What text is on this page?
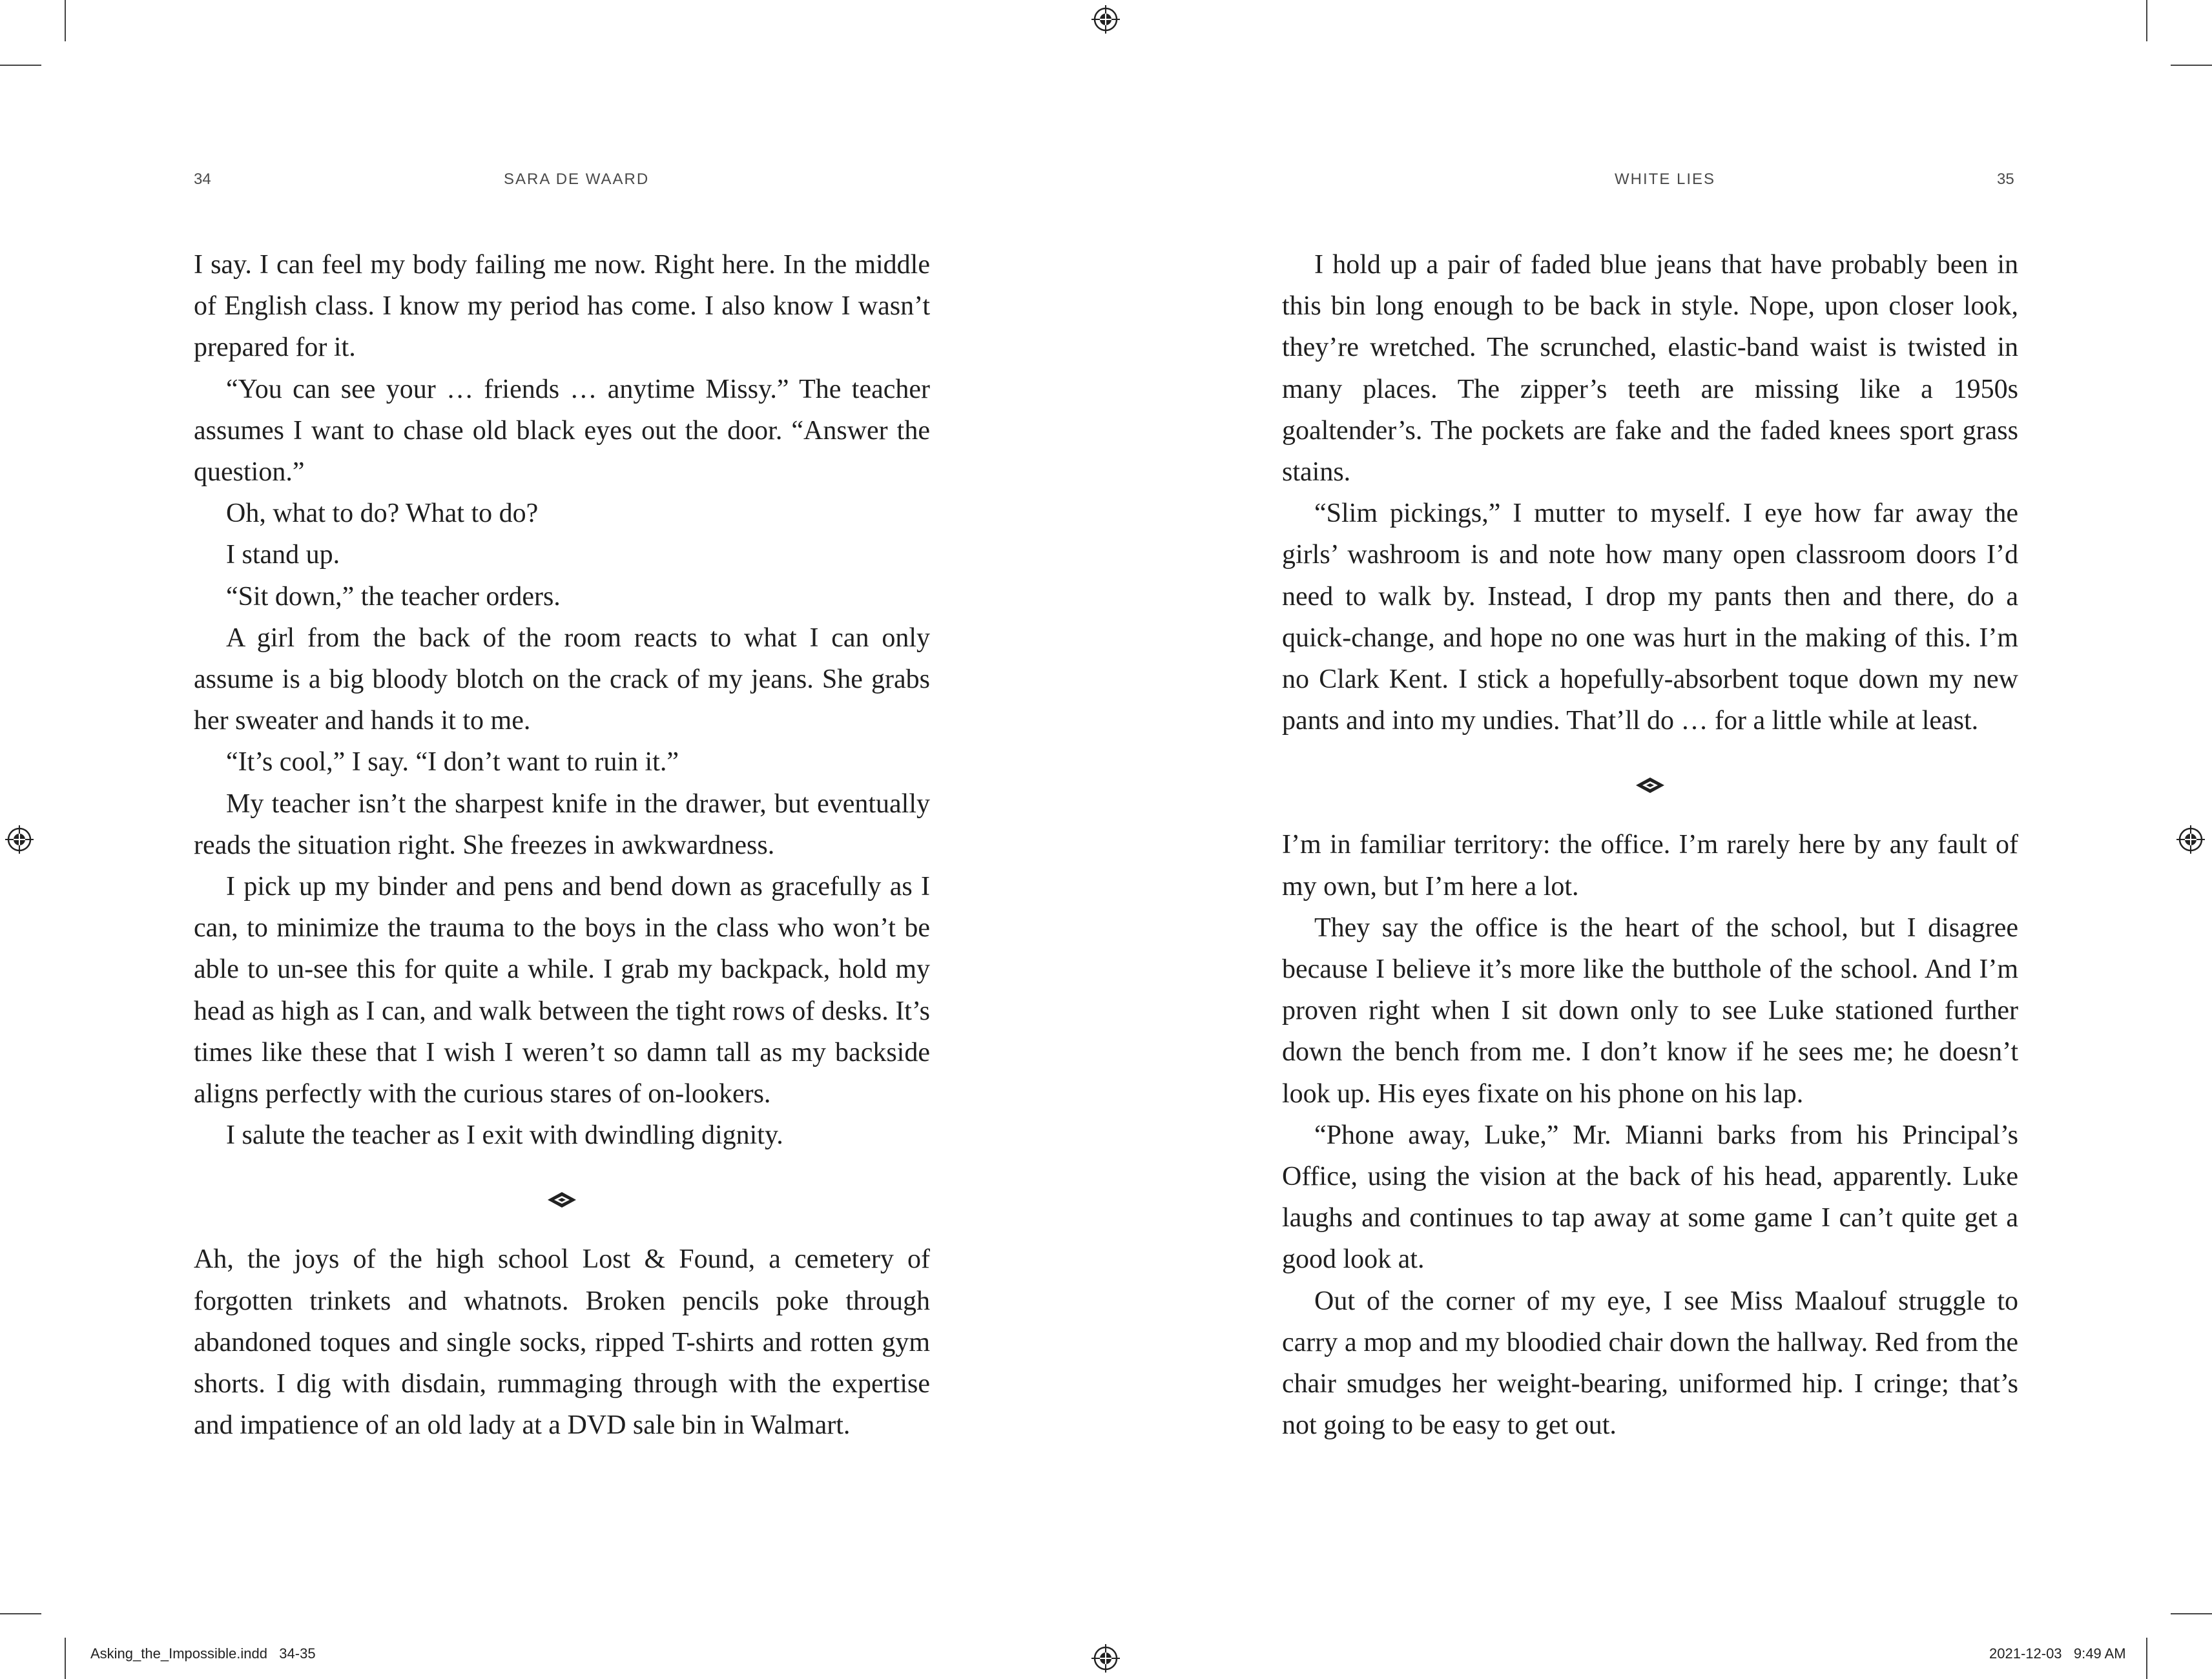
34	SARA DE WAARD	WHITE LIES	35

I say. I can feel my body failing me now. Right here. In the middle of English class. I know my period has come. I also know I wasn’t prepared for it.

“You can see your … friends … anytime Missy.” The teacher assumes I want to chase old black eyes out the door. “Answer the question.”

Oh, what to do? What to do?

I stand up.

“Sit down,” the teacher orders.

A girl from the back of the room reacts to what I can only assume is a big bloody blotch on the crack of my jeans. She grabs her sweater and hands it to me.

“It’s cool,” I say. “I don’t want to ruin it.”

My teacher isn’t the sharpest knife in the drawer, but eventually reads the situation right. She freezes in awkwardness.

I pick up my binder and pens and bend down as gracefully as I can, to minimize the trauma to the boys in the class who won’t be able to un-see this for quite a while. I grab my backpack, hold my head as high as I can, and walk between the tight rows of desks. It’s times like these that I wish I weren’t so damn tall as my backside aligns perfectly with the curious stares of on-lookers.

I salute the teacher as I exit with dwindling dignity.

Ah, the joys of the high school Lost & Found, a cemetery of forgotten trinkets and whatnots. Broken pencils poke through abandoned toques and single socks, ripped T-shirts and rotten gym shorts. I dig with disdain, rummaging through with the expertise and impatience of an old lady at a DVD sale bin in Walmart.

I hold up a pair of faded blue jeans that have probably been in this bin long enough to be back in style. Nope, upon closer look, they’re wretched. The scrunched, elastic-band waist is twisted in many places. The zipper’s teeth are missing like a 1950s goaltender’s. The pockets are fake and the faded knees sport grass stains.

“Slim pickings,” I mutter to myself. I eye how far away the girls’ washroom is and note how many open classroom doors I’d need to walk by. Instead, I drop my pants then and there, do a quick-change, and hope no one was hurt in the making of this. I’m no Clark Kent. I stick a hopefully-absorbent toque down my new pants and into my undies. That’ll do … for a little while at least.

I’m in familiar territory: the office. I’m rarely here by any fault of my own, but I’m here a lot.

They say the office is the heart of the school, but I disagree because I believe it’s more like the butthole of the school. And I’m proven right when I sit down only to see Luke stationed further down the bench from me. I don’t know if he sees me; he doesn’t look up. His eyes fixate on his phone on his lap.

“Phone away, Luke,” Mr. Mianni barks from his Principal’s Office, using the vision at the back of his head, apparently. Luke laughs and continues to tap away at some game I can’t quite get a good look at.

Out of the corner of my eye, I see Miss Maalouf struggle to carry a mop and my bloodied chair down the hallway. Red from the chair smudges her weight-bearing, uniformed hip. I cringe; that’s not going to be easy to get out.

Asking_the_Impossible.indd   34-35	2021-12-03   9:49 AM
